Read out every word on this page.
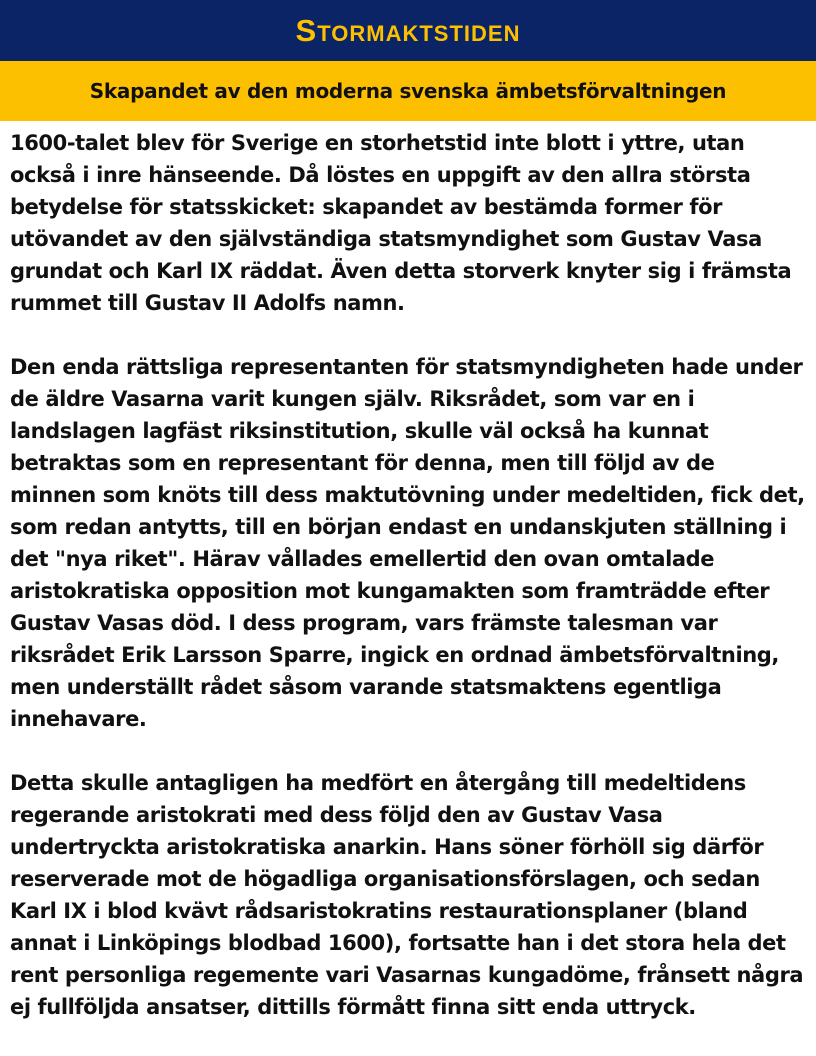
Stormaktstiden
Skapandet av den moderna svenska ämbetsförvaltningen

1600-talet blev för Sverige en storhetstid inte blott i yttre, utan också i inre hänseende. Då löstes en uppgift av den allra största betydelse för statsskicket: skapandet av bestämda former för utövandet av den självständiga statsmyndighet som Gustav Vasa grundat och Karl IX räddat. Även detta storverk knyter sig i främsta rummet till Gustav II Adolfs namn.

Den enda rättsliga representanten för statsmyndigheten hade under de äldre Vasarna varit kungen själv. Riksrådet, som var en i landslagen lagfäst riksinstitution, skulle väl också ha kunnat betraktas som en representant för denna, men till följd av de minnen som knöts till dess maktutövning under medeltiden, fick det, som redan antytts, till en början endast en undanskjuten ställning i det "nya riket". Härav vållades emellertid den ovan omtalade aristokratiska opposition mot kungamakten som framträdde efter Gustav Vasas död. I dess program, vars främste talesman var riksrådet Erik Larsson Sparre, ingick en ordnad ämbetsförvaltning, men underställt rådet såsom varande statsmaktens egentliga innehavare.

Detta skulle antagligen ha medfört en återgång till medeltidens regerande aristokrati med dess följd den av Gustav Vasa undertryckta aristokratiska anarkin. Hans söner förhöll sig därför reserverade mot de högadliga organisationsförslagen, och sedan Karl IX i blod kvävt rådsaristokratins restaurationsplaner (bland annat i Linköpings blodbad 1600), fortsatte han i det stora hela det rent personliga regemente vari Vasarnas kungadöme, frånsett några ej fullföljda ansatser, dittills förmått finna sitt enda uttryck.
